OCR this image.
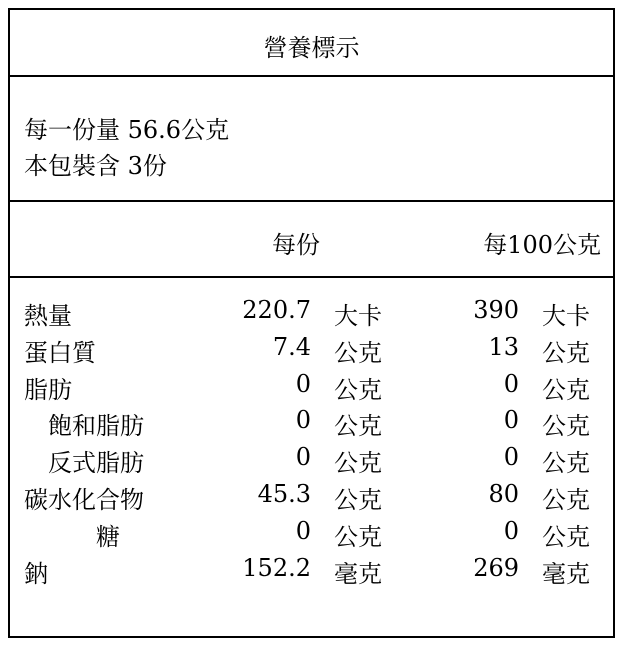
營養標示
每一份量 56.6公克
本包裝含 3份
每份	每100公克
熱量	220.7 大卡	390 大卡
蛋白質	7.4 公克	13 公克
脂肪	0 公克	0 公克
飽和脂肪	0 公克	0 公克
反式脂肪	0 公克	0 公克
碳水化合物	45.3 公克	80 公克
糖	0 公克	0 公克
鈉	152.2 毫克	269 毫克
